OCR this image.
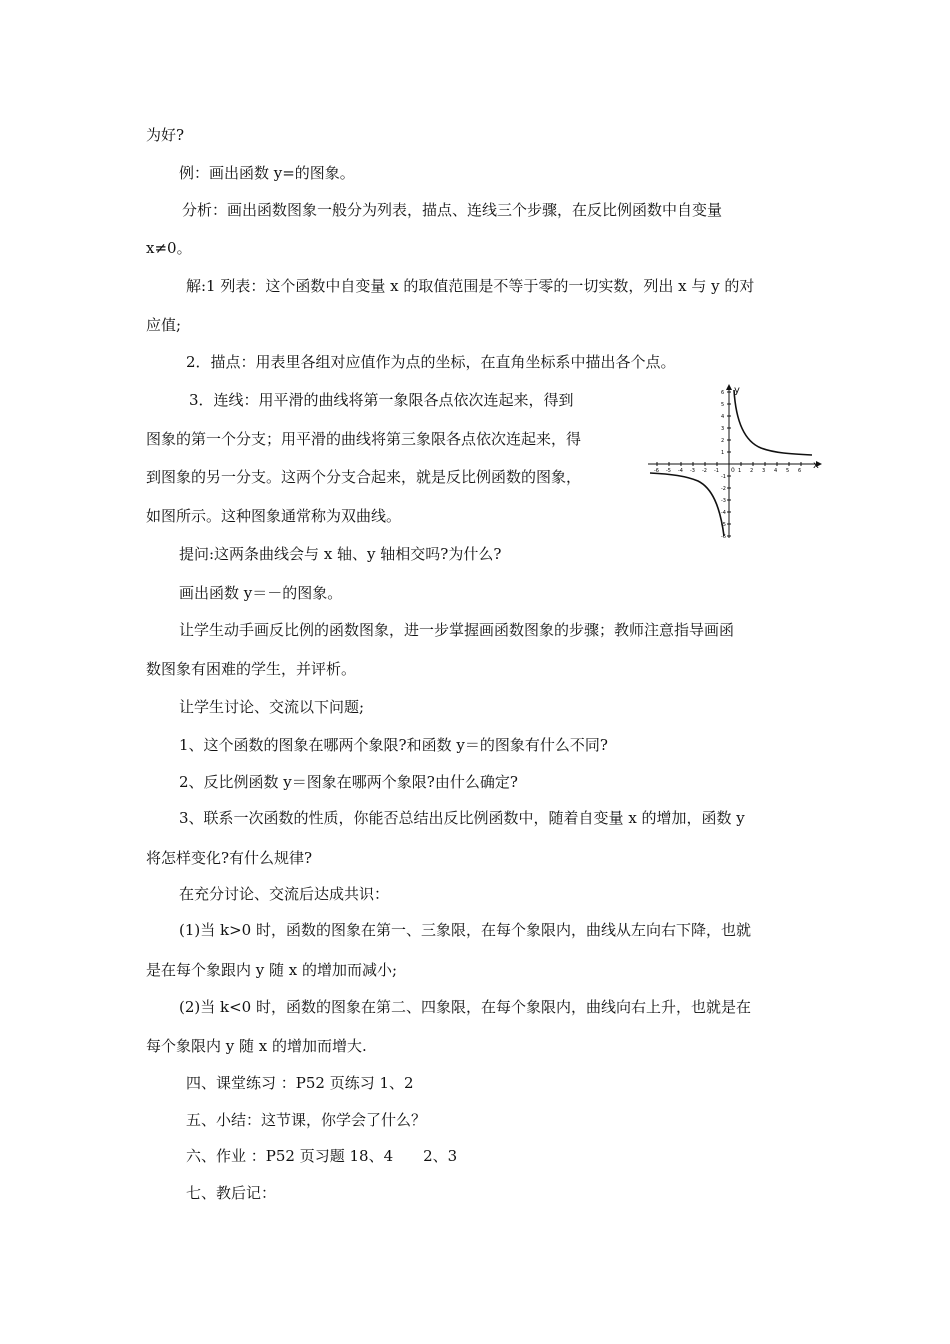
为好?
例：画出函数 y=的图象。
分析：画出函数图象一般分为列表，描点、连线三个步骤，在反比例函数中自变量
x≠0。
解:1 列表：这个函数中自变量 x 的取值范围是不等于零的一切实数，列出 x 与 y 的对
应值;
2．描点：用表里各组对应值作为点的坐标，在直角坐标系中描出各个点。
3．连线：用平滑的曲线将第一象限各点依次连起来，得到
图象的第一个分支；用平滑的曲线将第三象限各点依次连起来，得
到图象的另一分支。这两个分支合起来，就是反比例函数的图象，
如图所示。这种图象通常称为双曲线。
提问:这两条曲线会与 x 轴、y 轴相交吗?为什么?
画出函数 y＝－的图象。
让学生动手画反比例的函数图象，进一步掌握画函数图象的步骤；教师注意指导画函
数图象有困难的学生，并评析。
让学生讨论、交流以下问题;
1、这个函数的图象在哪两个象限?和函数 y＝的图象有什么不同?
2、反比例函数 y＝图象在哪两个象限?由什么确定?
3、联系一次函数的性质，你能否总结出反比例函数中，随着自变量 x 的增加，函数 y
将怎样变化?有什么规律?
在充分讨论、交流后达成共识：
(1)当 k>0 时，函数的图象在第一、三象限，在每个象限内，曲线从左向右下降，也就
是在每个象跟内 y 随 x 的增加而减小;
(2)当 k<0 时，函数的图象在第二、四象限，在每个象限内，曲线向右上升，也就是在
每个象限内 y 随 x 的增加而增大.
四、课堂练习 ：P52 页练习 1、2
五、小结：这节课，你学会了什么？
六、作业 ：P52 页习题 18、4　　2、3
七、教后记：
x
y
0
-6 -5 -4 -3 -2 -1	1 2 3 4 5 6
6
5
4
3
2
1
-1
-2
-3
-4
-5
-6
